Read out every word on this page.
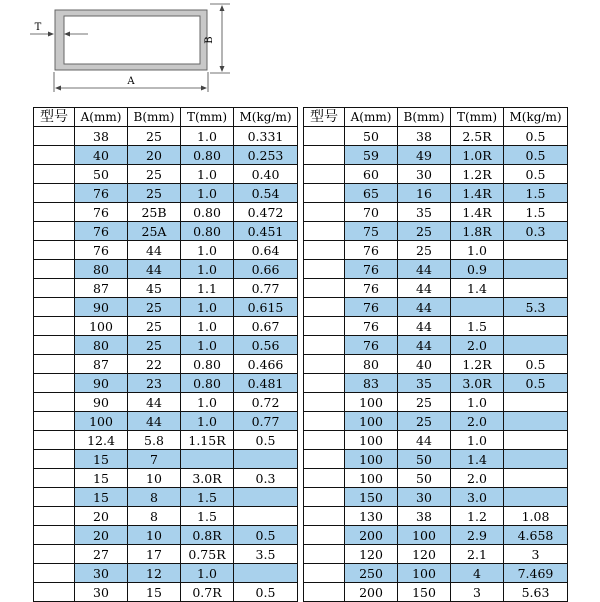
B
A
T
型号	A(mm)	B(mm)	T(mm)	M(kg/m)
	38	25	1.0	0.331
	40	20	0.80	0.253
	50	25	1.0	0.40
	76	25	1.0	0.54
	76	25B	0.80	0.472
	76	25A	0.80	0.451
	76	44	1.0	0.64
	80	44	1.0	0.66
	87	45	1.1	0.77
	90	25	1.0	0.615
	100	25	1.0	0.67
	80	25	1.0	0.56
	87	22	0.80	0.466
	90	23	0.80	0.481
	90	44	1.0	0.72
	100	44	1.0	0.77
	12.4	5.8	1.15R	0.5
	15	7		
	15	10	3.0R	0.3
	15	8	1.5	
	20	8	1.5	
	20	10	0.8R	0.5
	27	17	0.75R	3.5
	30	12	1.0	
	30	15	0.7R	0.5
型号	A(mm)	B(mm)	T(mm)	M(kg/m)
	50	38	2.5R	0.5
	59	49	1.0R	0.5
	60	30	1.2R	0.5
	65	16	1.4R	1.5
	70	35	1.4R	1.5
	75	25	1.8R	0.3
	76	25	1.0	
	76	44	0.9	
	76	44	1.4	
	76	44		5.3
	76	44	1.5	
	76	44	2.0	
	80	40	1.2R	0.5
	83	35	3.0R	0.5
	100	25	1.0	
	100	25	2.0	
	100	44	1.0	
	100	50	1.4	
	100	50	2.0	
	150	30	3.0	
	130	38	1.2	1.08
	200	100	2.9	4.658
	120	120	2.1	3
	250	100	4	7.469
	200	150	3	5.63
